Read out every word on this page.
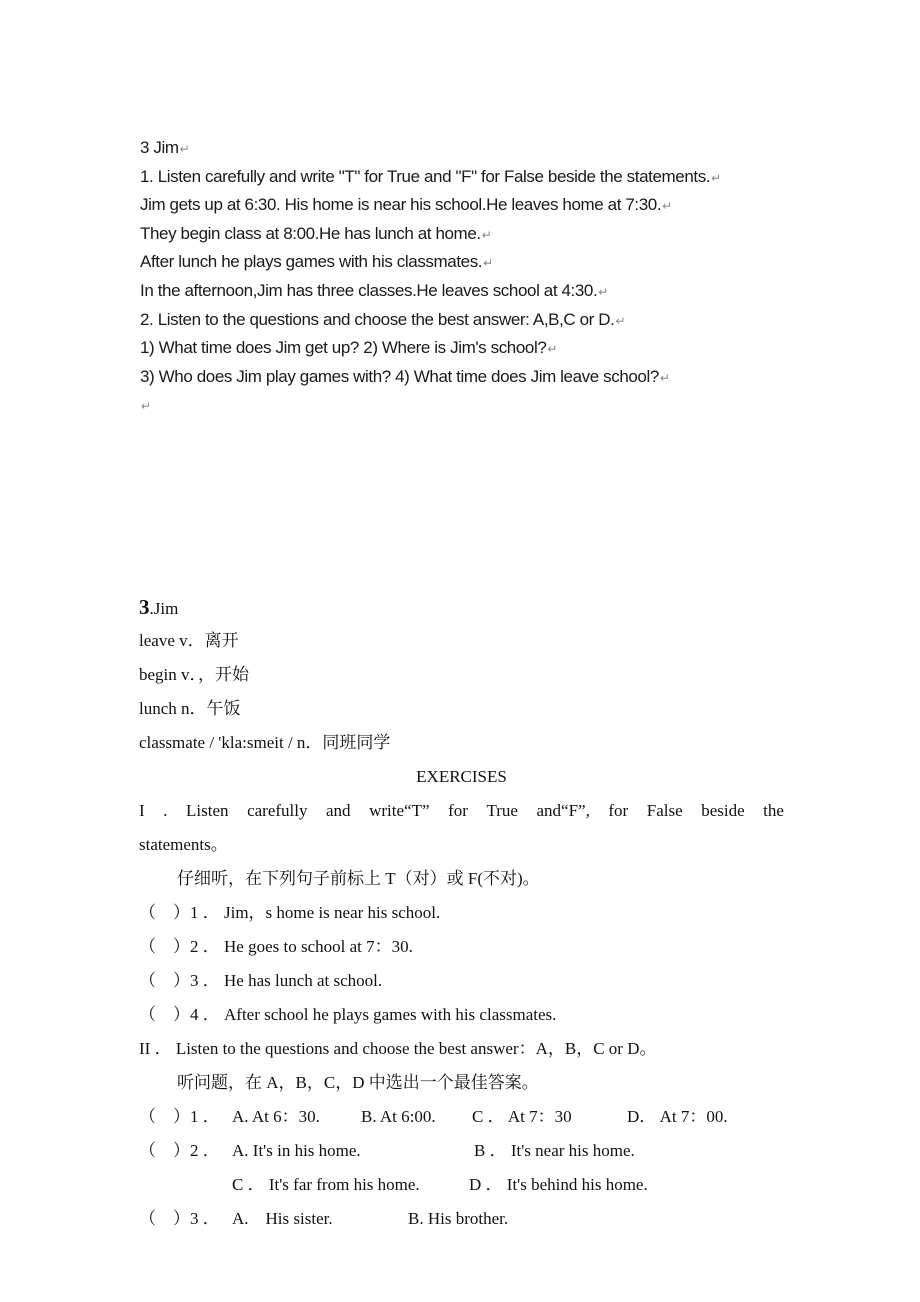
3 Jim↵
1. Listen carefully and write "T" for True and "F" for False beside the statements.↵
Jim gets up at 6:30. His home is near his school.He leaves home at 7:30.↵
They begin class at 8:00.He has lunch at home.↵
After lunch he plays games with his classmates.↵
In the afternoon,Jim has three classes.He leaves school at 4:30.↵
2. Listen to the questions and choose the best answer: A,B,C or D.↵
1) What time does Jim get up? 2) Where is Jim's school?↵
3) Who does Jim play games with? 4) What time does Jim leave school?↵
↵
3.Jim
leave v．离开
begin v．，开始
lunch n．午饭
classmate / 'kla:smeit / n．同班同学
EXERCISES
I . Listen carefully and write“T” for True and“F”, for False beside the
statements。
仔细听，在下列句子前标上 T（对）或 F(不对)。
（　）1 ． Jim，s home is near his school.
（　）2 ． He goes to school at 7：30.
（　）3 ． He has lunch at school.
（　）4 ． After school he plays games with his classmates.
II ． Listen to the questions and choose the best answer：A，B，C or D。
听问题，在 A，B，C，D 中选出一个最佳答案。
（　）1 ． A. At 6：30. B. At 6:00. C ． At 7：30	D． At 7：00.
（　）2 ． A. It's in his home.	B ． It's near his home.
C ． It's far from his home.	D ． It's behind his home.
（　）3 ． A.　His sister.	B. His brother.
